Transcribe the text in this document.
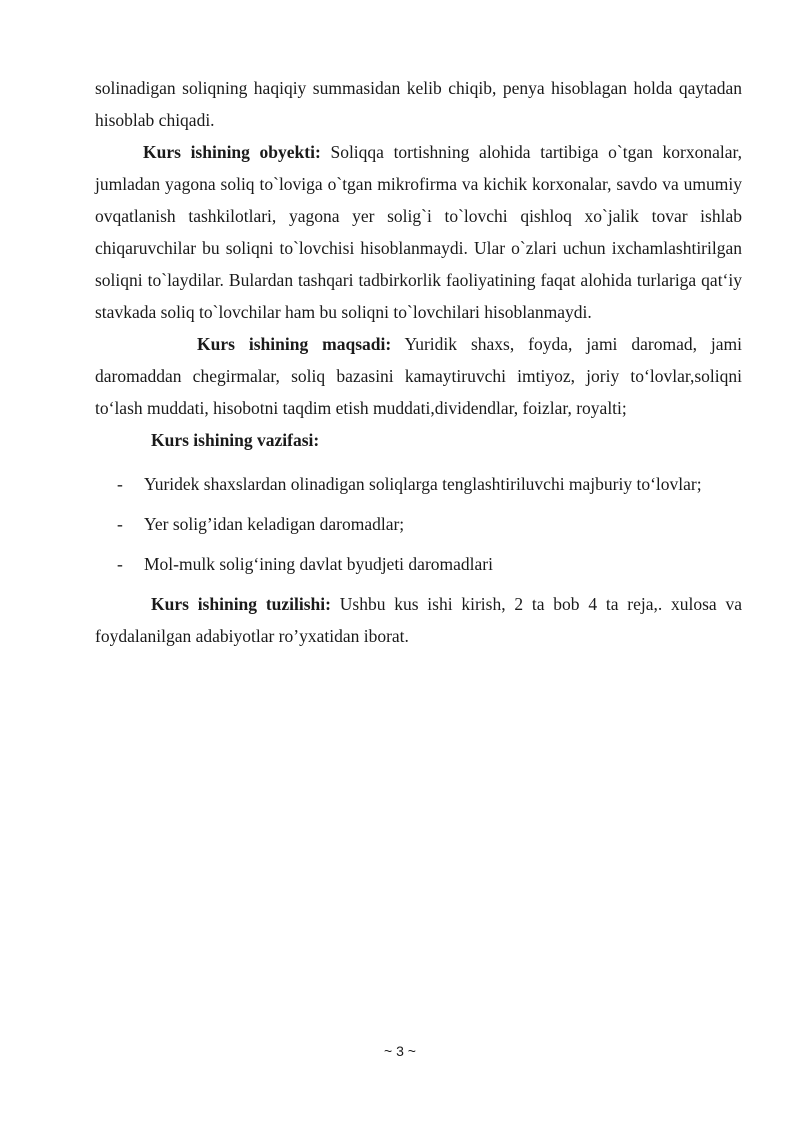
solinadigan soliqning haqiqiy summasidan kelib chiqib, penya hisoblagan holda qaytadan hisoblab chiqadi.

Kurs ishining obyekti: Soliqqa tortishning alohida tartibiga o`tgan korxonalar, jumladan yagona soliq to`loviga o`tgan mikrofirma va kichik korxonalar, savdo va umumiy ovqatlanish tashkilotlari, yagona yer solig`i to`lovchi qishloq xo`jalik tovar ishlab chiqaruvchilar bu soliqni to`lovchisi hisoblanmaydi. Ular o`zlari uchun ixchamlashtirilgan soliqni to`laydilar. Bulardan tashqari tadbirkorlik faoliyatining faqat alohida turlariga qat‘iy stavkada soliq to`lovchilar ham bu soliqni to`lovchilari hisoblanmaydi.

Kurs ishining maqsadi: Yuridik shaxs, foyda, jami daromad, jami daromaddan chegirmalar, soliq bazasini kamaytiruvchi imtiyoz, joriy to‘lovlar,soliqni to‘lash muddati, hisobotni taqdim etish muddati,dividendlar, foizlar, royalti;

Kurs ishining vazifasi:

- Yuridek shaxslardan olinadigan soliqlarga tenglashtiriluvchi majburiy to‘lovlar;
- Yer solig’idan keladigan daromadlar;
- Mol-mulk solig‘ining davlat byudjeti daromadlari

Kurs ishining tuzilishi: Ushbu kus ishi kirish, 2 ta bob 4 ta reja,. xulosa va foydalanilgan adabiyotlar ro’yxatidan iborat.

~ 3 ~
